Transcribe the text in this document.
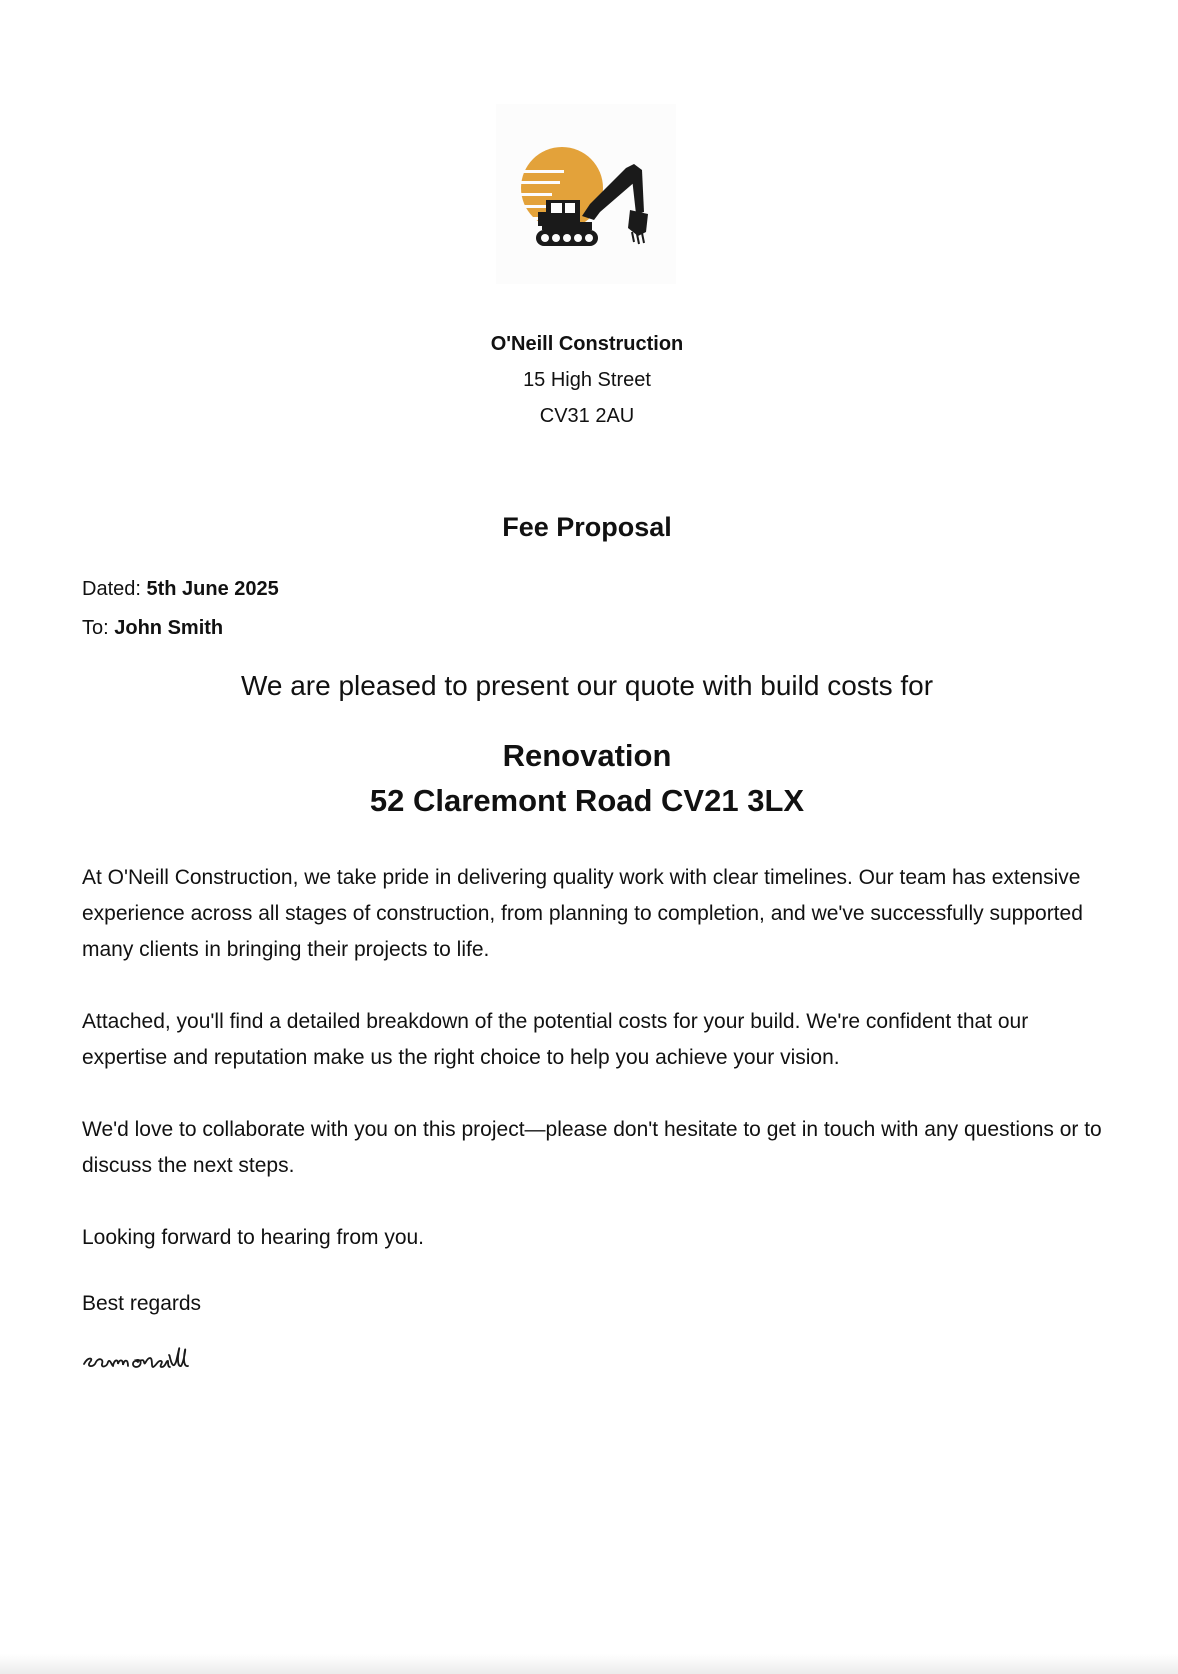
O'Neill Construction
15 High Street
CV31 2AU
Fee Proposal
Dated: 5th June 2025
To: John Smith
We are pleased to present our quote with build costs for
Renovation
52 Claremont Road CV21 3LX

At O'Neill Construction, we take pride in delivering quality work with clear timelines. Our team has extensive experience across all stages of construction, from planning to completion, and we've successfully supported many clients in bringing their projects to life.

Attached, you'll find a detailed breakdown of the potential costs for your build. We're confident that our expertise and reputation make us the right choice to help you achieve your vision.

We'd love to collaborate with you on this project—please don't hesitate to get in touch with any questions or to discuss the next steps.

Looking forward to hearing from you.

Best regards
